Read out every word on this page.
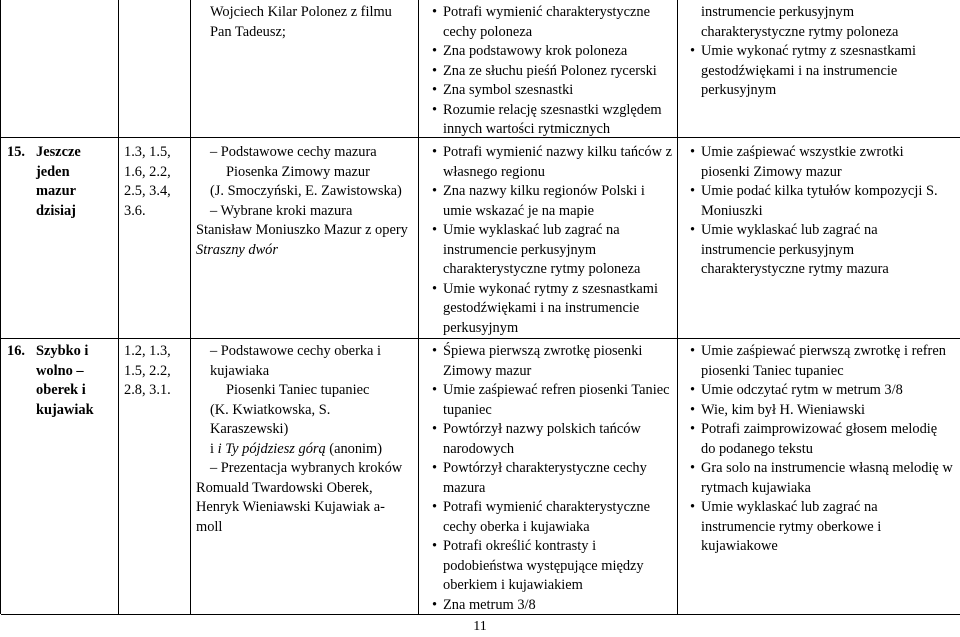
Wojciech Kilar Polonez z filmu
Pan Tadeusz;
• Potrafi wymienić charakterystyczne cechy poloneza
• Zna podstawowy krok poloneza
• Zna ze słuchu pieśń Polonez rycerski
• Zna symbol szesnastki
• Rozumie relację szesnastki względem innych wartości rytmicznych
instrumencie perkusyjnym
charakterystyczne rytmy poloneza
• Umie wykonać rytmy z szesnastkami gestodźwiękami i na instrumencie perkusyjnym
15. Jeszcze jeden mazur dzisiaj
1.3, 1.5, 1.6, 2.2, 2.5, 3.4, 3.6.
– Podstawowe cechy mazura
Piosenka Zimowy mazur
(J. Smoczyński, E. Zawistowska)
– Wybrane kroki mazura
Stanisław Moniuszko Mazur z opery
Straszny dwór
• Potrafi wymienić nazwy kilku tańców z własnego regionu
• Zna nazwy kilku regionów Polski i umie wskazać je na mapie
• Umie wyklaskać lub zagrać na instrumencie perkusyjnym charakterystyczne rytmy poloneza
• Umie wykonać rytmy z szesnastkami gestodźwiękami i na instrumencie perkusyjnym
• Umie zaśpiewać wszystkie zwrotki piosenki Zimowy mazur
• Umie podać kilka tytułów kompozycji S. Moniuszki
• Umie wyklaskać lub zagrać na instrumencie perkusyjnym charakterystyczne rytmy mazura
16. Szybko i wolno – oberek i kujawiak
1.2, 1.3, 1.5, 2.2, 2.8, 3.1.
– Podstawowe cechy oberka i
kujawiaka
Piosenki Taniec tupaniec
(K. Kwiatkowska, S. Karaszewski)
i i Ty pójdziesz górą (anonim)
– Prezentacja wybranych kroków
Romuald Twardowski Oberek,
Henryk Wieniawski Kujawiak a-
moll
• Śpiewa pierwszą zwrotkę piosenki Zimowy mazur
• Umie zaśpiewać refren piosenki Taniec tupaniec
• Powtórzył nazwy polskich tańców narodowych
• Powtórzył charakterystyczne cechy mazura
• Potrafi wymienić charakterystyczne cechy oberka i kujawiaka
• Potrafi określić kontrasty i podobieństwa występujące między oberkiem i kujawiakiem
• Zna metrum 3/8
• Umie zaśpiewać pierwszą zwrotkę i refren piosenki Taniec tupaniec
• Umie odczytać rytm w metrum 3/8
• Wie, kim był H. Wieniawski
• Potrafi zaimprowizować głosem melodię do podanego tekstu
• Gra solo na instrumencie własną melodię w rytmach kujawiaka
• Umie wyklaskać lub zagrać na instrumencie rytmy oberkowe i kujawiakowe
11
